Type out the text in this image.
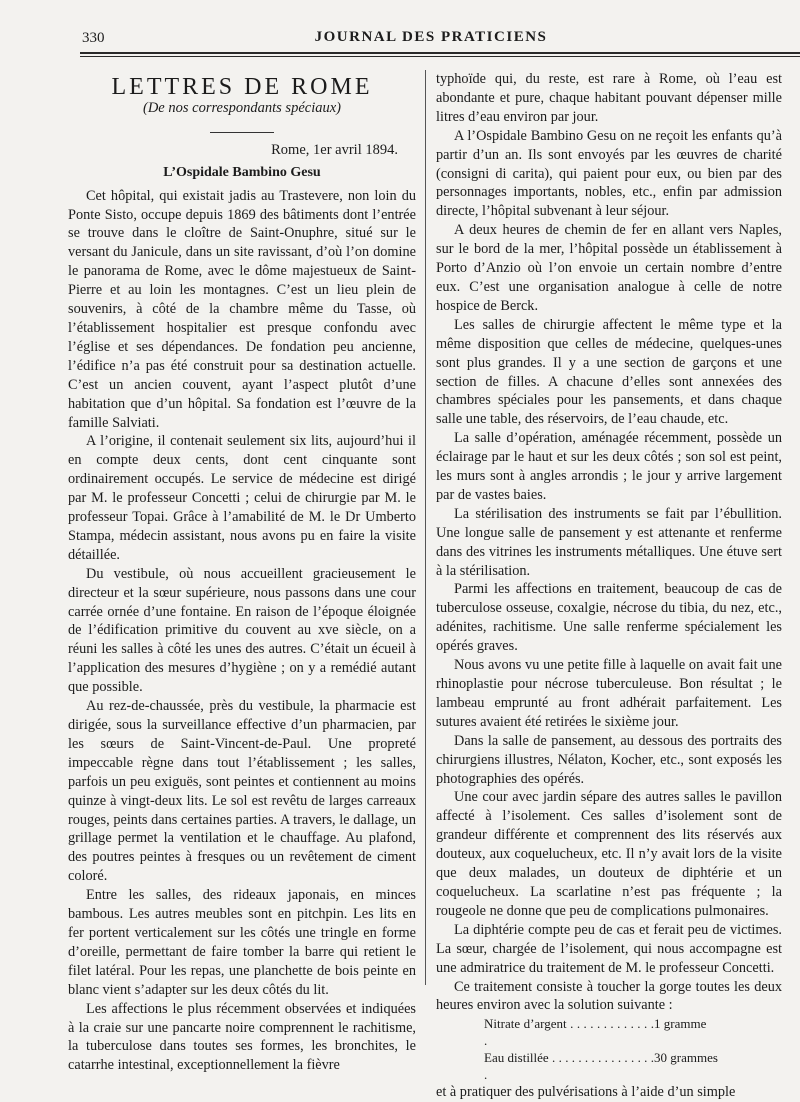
330	JOURNAL DES PRATICIENS
LETTRES DE ROME
(De nos correspondants spéciaux)
Rome, 1er avril 1894.
L’Ospidale Bambino Gesu

Cet hôpital, qui existait jadis au Trastevere, non loin du Ponte Sisto, occupe depuis 1869 des bâtiments dont l’entrée se trouve dans le cloître de Saint-Onuphre, situé sur le versant du Janicule, dans un site ravissant, d’où l’on domine le panorama de Rome, avec le dôme majestueux de Saint-Pierre et au loin les montagnes. C’est un lieu plein de souvenirs, à côté de la chambre même du Tasse, où l’établissement hospitalier est presque confondu avec l’église et ses dépendances. De fondation peu ancienne, l’édifice n’a pas été construit pour sa destination actuelle. C’est un ancien couvent, ayant l’aspect plutôt d’une habitation que d’un hôpital. Sa fondation est l’œuvre de la famille Salviati.

A l’origine, il contenait seulement six lits, aujourd’hui il en compte deux cents, dont cent cinquante sont ordinairement occupés. Le service de médecine est dirigé par M. le professeur Concetti ; celui de chirurgie par M. le professeur Topai. Grâce à l’amabilité de M. le Dr Umberto Stampa, médecin assistant, nous avons pu en faire la visite détaillée.

Du vestibule, où nous accueillent gracieusement le directeur et la sœur supérieure, nous passons dans une cour carrée ornée d’une fontaine. En raison de l’époque éloignée de l’édification primitive du couvent au xve siècle, on a réuni les salles à côté les unes des autres. C’était un écueil à l’application des mesures d’hygiène ; on y a remédié autant que possible.

Au rez-de-chaussée, près du vestibule, la pharmacie est dirigée, sous la surveillance effective d’un pharmacien, par les sœurs de Saint-Vincent-de-Paul. Une propreté impeccable règne dans tout l’établissement ; les salles, parfois un peu exiguës, sont peintes et contiennent au moins quinze à vingt-deux lits. Le sol est revêtu de larges carreaux rouges, peints dans certaines parties. A travers, le dallage, un grillage permet la ventilation et le chauffage. Au plafond, des poutres peintes à fresques ou un revêtement de ciment coloré.

Entre les salles, des rideaux japonais, en minces bambous. Les autres meubles sont en pitchpin. Les lits en fer portent verticalement sur les côtés une tringle en forme d’oreille, permettant de faire tomber la barre qui retient le filet latéral. Pour les repas, une planchette de bois peinte en blanc vient s’adapter sur les deux côtés du lit.

Les affections le plus récemment observées et indiquées à la craie sur une pancarte noire comprennent le rachitisme, la tuberculose dans toutes ses formes, les bronchites, le catarrhe intestinal, exceptionnellement la fièvre

typhoïde qui, du reste, est rare à Rome, où l’eau est abondante et pure, chaque habitant pouvant dépenser mille litres d’eau environ par jour.

A l’Ospidale Bambino Gesu on ne reçoit les enfants qu’à partir d’un an. Ils sont envoyés par les œuvres de charité (consigni di carita), qui paient pour eux, ou bien par des personnages importants, nobles, etc., enfin par admission directe, l’hôpital subvenant à leur séjour.

A deux heures de chemin de fer en allant vers Naples, sur le bord de la mer, l’hôpital possède un établissement à Porto d’Anzio où l’on envoie un certain nombre d’entre eux. C’est une organisation analogue à celle de notre hospice de Berck.

Les salles de chirurgie affectent le même type et la même disposition que celles de médecine, quelques-unes sont plus grandes. Il y a une section de garçons et une section de filles. A chacune d’elles sont annexées des chambres spéciales pour les pansements, et dans chaque salle une table, des réservoirs, de l’eau chaude, etc.

La salle d’opération, aménagée récemment, possède un éclairage par le haut et sur les deux côtés ; son sol est peint, les murs sont à angles arrondis ; le jour y arrive largement par de vastes baies.

La stérilisation des instruments se fait par l’ébullition. Une longue salle de pansement y est attenante et renferme dans des vitrines les instruments métalliques. Une étuve sert à la stérilisation.

Parmi les affections en traitement, beaucoup de cas de tuberculose osseuse, coxalgie, nécrose du tibia, du nez, etc., adénites, rachitisme. Une salle renferme spécialement les opérés graves.

Nous avons vu une petite fille à laquelle on avait fait une rhinoplastie pour nécrose tuberculeuse. Bon résultat ; le lambeau emprunté au front adhérait parfaitement. Les sutures avaient été retirées le sixième jour.

Dans la salle de pansement, au dessous des portraits des chirurgiens illustres, Nélaton, Kocher, etc., sont exposés les photographies des opérés.

Une cour avec jardin sépare des autres salles le pavillon affecté à l’isolement. Ces salles d’isolement sont de grandeur différente et comprennent des lits réservés aux douteux, aux coquelucheux, etc. Il n’y avait lors de la visite que deux malades, un douteux de diphtérie et un coquelucheux. La scarlatine n’est pas fréquente ; la rougeole ne donne que peu de complications pulmonaires.

La diphtérie compte peu de cas et ferait peu de victimes. La sœur, chargée de l’isolement, qui nous accompagne est une admiratrice du traitement de M. le professeur Concetti.

Ce traitement consiste à toucher la gorge toutes les deux heures environ avec la solution suivante :

Nitrate d’argent . . . . . . . . . . . . . .
1 gramme
Eau distillée . . . . . . . . . . . . . . . . .
30 grammes

et à pratiquer des pulvérisations à l’aide d’un simple
